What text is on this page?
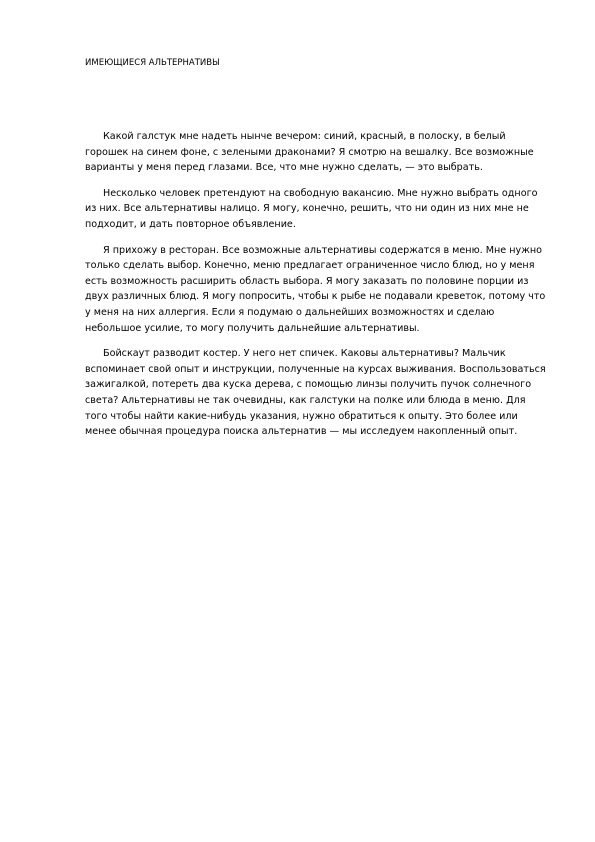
ИМЕЮЩИЕСЯ АЛЬТЕРНАТИВЫ

Какой галстук мне надеть нынче вечером: синий, красный, в полоску, в белый горошек на синем фоне, с зелеными драконами? Я смотрю на вешалку. Все возможные варианты у меня перед глазами. Все, что мне нужно сделать, — это выбрать.

Несколько человек претендуют на свободную вакансию. Мне нужно выбрать одного из них. Все альтернативы налицо. Я могу, конечно, решить, что ни один из них мне не подходит, и дать повторное объявление.

Я прихожу в ресторан. Все возможные альтернативы содержатся в меню. Мне нужно только сделать выбор. Конечно, меню предлагает ограниченное число блюд, но у меня есть возможность расширить область выбора. Я могу заказать по половине порции из двух различных блюд. Я могу попросить, чтобы к рыбе не подавали креветок, потому что у меня на них аллергия. Если я подумаю о дальнейших возможностях и сделаю небольшое усилие, то могу получить дальнейшие альтернативы.

Бойскаут разводит костер. У него нет спичек. Каковы альтернативы? Мальчик вспоминает свой опыт и инструкции, полученные на курсах выживания. Воспользоваться зажигалкой, потереть два куска дерева, с помощью линзы получить пучок солнечного света? Альтернативы не так очевидны, как галстуки на полке или блюда в меню. Для того чтобы найти какие-нибудь указания, нужно обратиться к опыту. Это более или менее обычная процедура поиска альтернатив — мы исследуем накопленный опыт.
